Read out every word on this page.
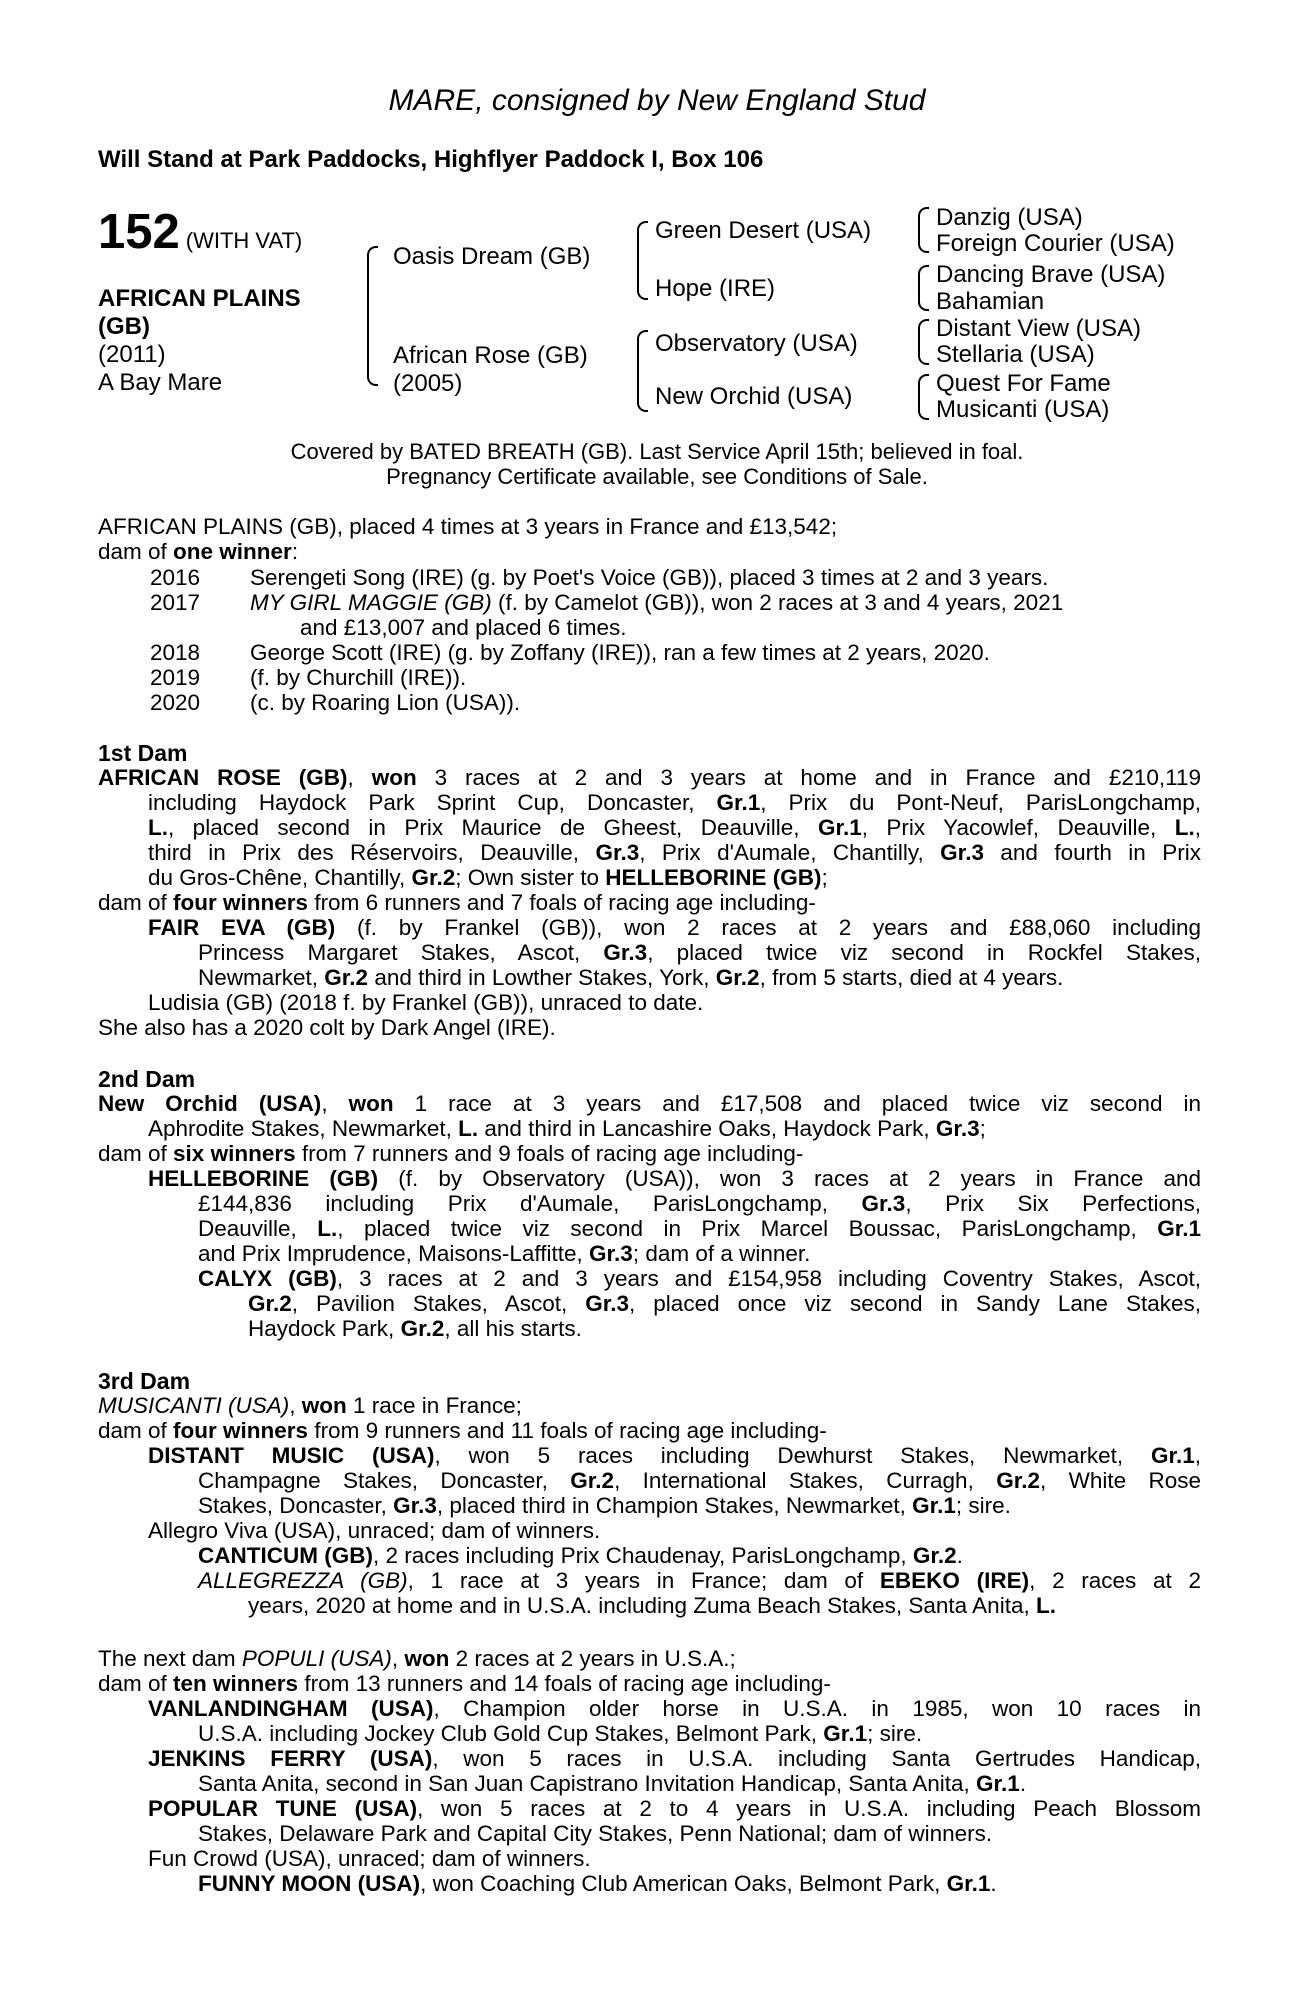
MARE, consigned by New England Stud
Will Stand at Park Paddocks, Highflyer Paddock I, Box 106
152 (WITH VAT)
AFRICAN PLAINS
(GB)
(2011)
A Bay Mare
Oasis Dream (GB)
African Rose (GB)
(2005)
Green Desert (USA)
Hope (IRE)
Observatory (USA)
New Orchid (USA)
Danzig (USA)
Foreign Courier (USA)
Dancing Brave (USA)
Bahamian
Distant View (USA)
Stellaria (USA)
Quest For Fame
Musicanti (USA)
Covered by BATED BREATH (GB). Last Service April 15th; believed in foal.
Pregnancy Certificate available, see Conditions of Sale.
AFRICAN PLAINS (GB), placed 4 times at 3 years in France and £13,542;
dam of one winner:
2016 Serengeti Song (IRE) (g. by Poet's Voice (GB)), placed 3 times at 2 and 3 years.
2017 MY GIRL MAGGIE (GB) (f. by Camelot (GB)), won 2 races at 3 and 4 years, 2021
and £13,007 and placed 6 times.
2018 George Scott (IRE) (g. by Zoffany (IRE)), ran a few times at 2 years, 2020.
2019 (f. by Churchill (IRE)).
2020 (c. by Roaring Lion (USA)).
1st Dam
AFRICAN ROSE (GB), won 3 races at 2 and 3 years at home and in France and £210,119
including Haydock Park Sprint Cup, Doncaster, Gr.1, Prix du Pont-Neuf, ParisLongchamp,
L., placed second in Prix Maurice de Gheest, Deauville, Gr.1, Prix Yacowlef, Deauville, L.,
third in Prix des Réservoirs, Deauville, Gr.3, Prix d'Aumale, Chantilly, Gr.3 and fourth in Prix
du Gros-Chêne, Chantilly, Gr.2; Own sister to HELLEBORINE (GB);
dam of four winners from 6 runners and 7 foals of racing age including-
FAIR EVA (GB) (f. by Frankel (GB)), won 2 races at 2 years and £88,060 including
Princess Margaret Stakes, Ascot, Gr.3, placed twice viz second in Rockfel Stakes,
Newmarket, Gr.2 and third in Lowther Stakes, York, Gr.2, from 5 starts, died at 4 years.
Ludisia (GB) (2018 f. by Frankel (GB)), unraced to date.
She also has a 2020 colt by Dark Angel (IRE).
2nd Dam
New Orchid (USA), won 1 race at 3 years and £17,508 and placed twice viz second in
Aphrodite Stakes, Newmarket, L. and third in Lancashire Oaks, Haydock Park, Gr.3;
dam of six winners from 7 runners and 9 foals of racing age including-
HELLEBORINE (GB) (f. by Observatory (USA)), won 3 races at 2 years in France and
£144,836 including Prix d'Aumale, ParisLongchamp, Gr.3, Prix Six Perfections,
Deauville, L., placed twice viz second in Prix Marcel Boussac, ParisLongchamp, Gr.1
and Prix Imprudence, Maisons-Laffitte, Gr.3; dam of a winner.
CALYX (GB), 3 races at 2 and 3 years and £154,958 including Coventry Stakes, Ascot,
Gr.2, Pavilion Stakes, Ascot, Gr.3, placed once viz second in Sandy Lane Stakes,
Haydock Park, Gr.2, all his starts.
3rd Dam
MUSICANTI (USA), won 1 race in France;
dam of four winners from 9 runners and 11 foals of racing age including-
DISTANT MUSIC (USA), won 5 races including Dewhurst Stakes, Newmarket, Gr.1,
Champagne Stakes, Doncaster, Gr.2, International Stakes, Curragh, Gr.2, White Rose
Stakes, Doncaster, Gr.3, placed third in Champion Stakes, Newmarket, Gr.1; sire.
Allegro Viva (USA), unraced; dam of winners.
CANTICUM (GB), 2 races including Prix Chaudenay, ParisLongchamp, Gr.2.
ALLEGREZZA (GB), 1 race at 3 years in France; dam of EBEKO (IRE), 2 races at 2
years, 2020 at home and in U.S.A. including Zuma Beach Stakes, Santa Anita, L.
The next dam POPULI (USA), won 2 races at 2 years in U.S.A.;
dam of ten winners from 13 runners and 14 foals of racing age including-
VANLANDINGHAM (USA), Champion older horse in U.S.A. in 1985, won 10 races in
U.S.A. including Jockey Club Gold Cup Stakes, Belmont Park, Gr.1; sire.
JENKINS FERRY (USA), won 5 races in U.S.A. including Santa Gertrudes Handicap,
Santa Anita, second in San Juan Capistrano Invitation Handicap, Santa Anita, Gr.1.
POPULAR TUNE (USA), won 5 races at 2 to 4 years in U.S.A. including Peach Blossom
Stakes, Delaware Park and Capital City Stakes, Penn National; dam of winners.
Fun Crowd (USA), unraced; dam of winners.
FUNNY MOON (USA), won Coaching Club American Oaks, Belmont Park, Gr.1.
